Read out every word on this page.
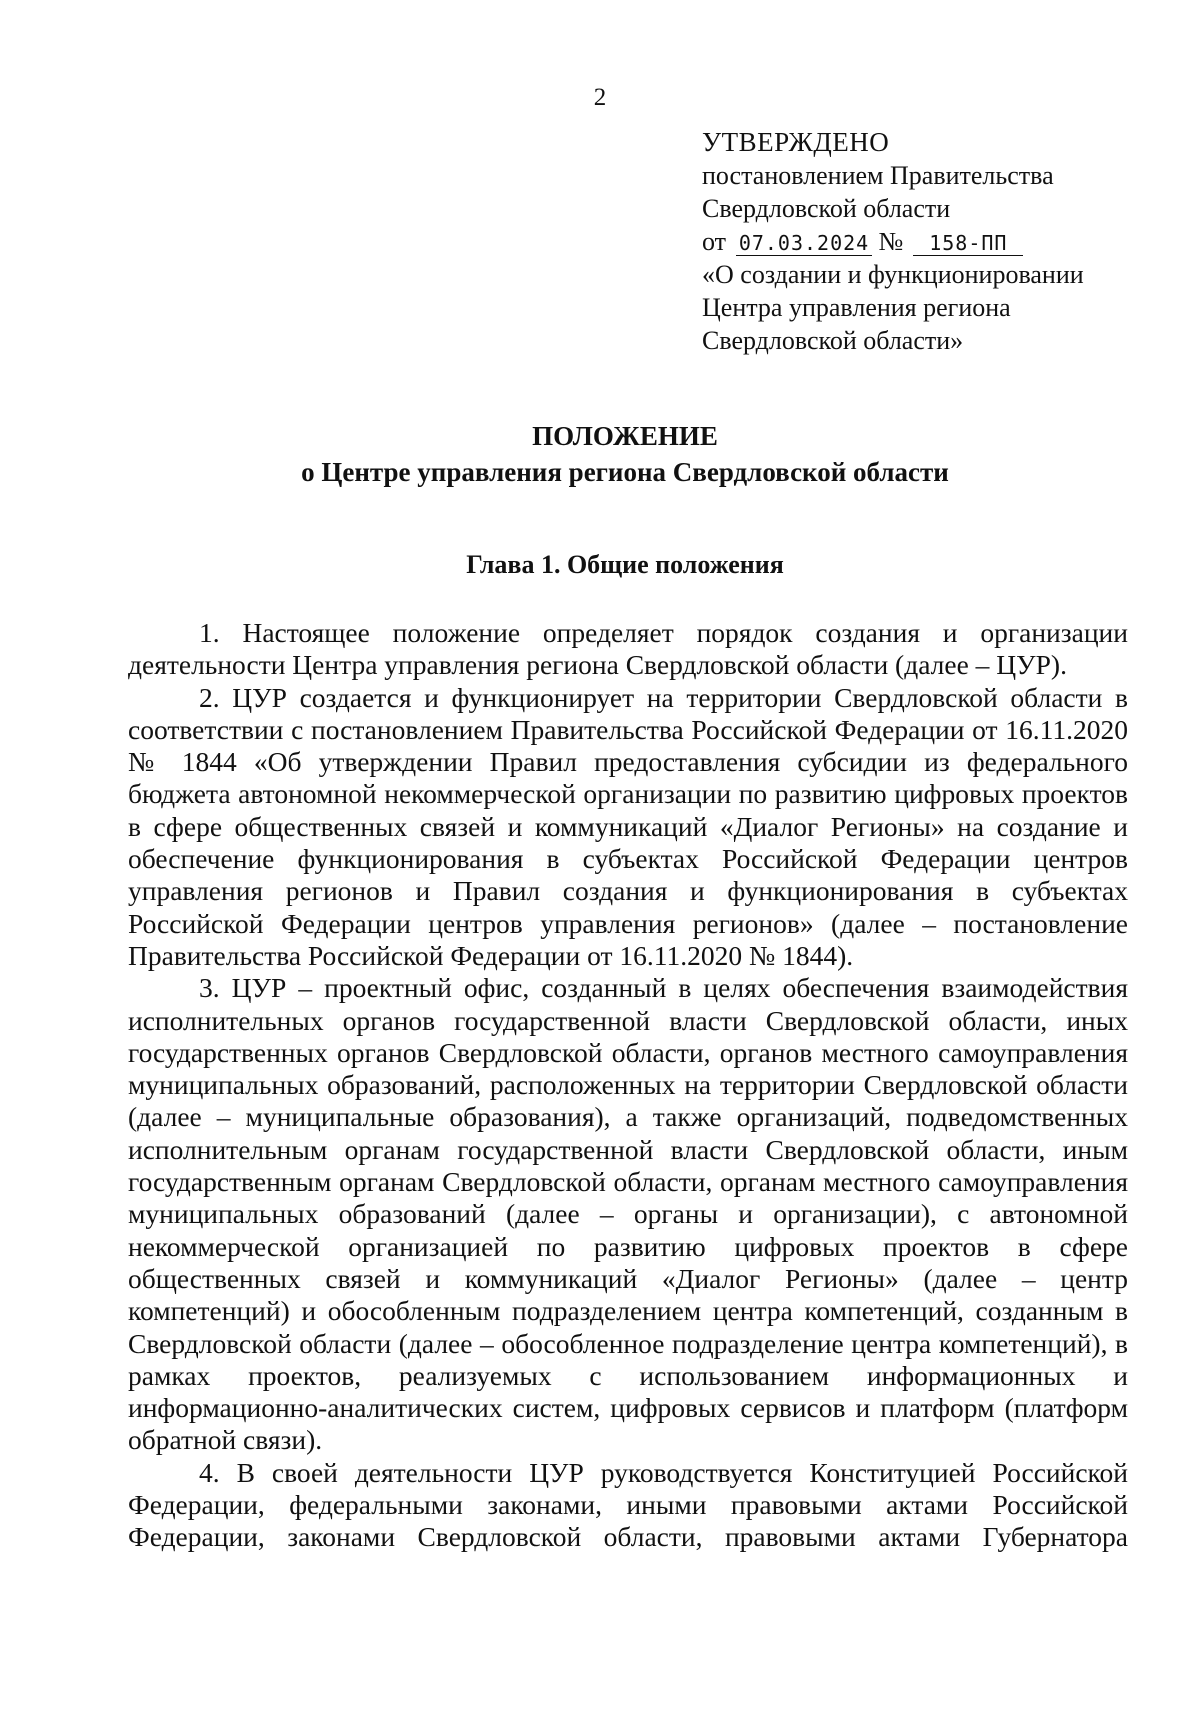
2
УТВЕРЖДЕНО
постановлением Правительства
Свердловской области
от 07.03.2024 № 158-ПП
«О создании и функционировании
Центра управления региона
Свердловской области»
ПОЛОЖЕНИЕ
о Центре управления региона Свердловской области
Глава 1. Общие положения

1. Настоящее положение определяет порядок создания и организации деятельности Центра управления региона Свердловской области (далее – ЦУР).

2. ЦУР создается и функционирует на территории Свердловской области в соответствии с постановлением Правительства Российской Федерации от 16.11.2020 № 1844 «Об утверждении Правил предоставления субсидии из федерального бюджета автономной некоммерческой организации по развитию цифровых проектов в сфере общественных связей и коммуникаций «Диалог Регионы» на создание и обеспечение функционирования в субъектах Российской Федерации центров управления регионов и Правил создания и функционирования в субъектах Российской Федерации центров управления регионов» (далее – постановление Правительства Российской Федерации от 16.11.2020 № 1844).

3. ЦУР – проектный офис, созданный в целях обеспечения взаимодействия исполнительных органов государственной власти Свердловской области, иных государственных органов Свердловской области, органов местного самоуправления муниципальных образований, расположенных на территории Свердловской области (далее – муниципальные образования), а также организаций, подведомственных исполнительным органам государственной власти Свердловской области, иным государственным органам Свердловской области, органам местного самоуправления муниципальных образований (далее – органы и организации), с автономной некоммерческой организацией по развитию цифровых проектов в сфере общественных связей и коммуникаций «Диалог Регионы» (далее – центр компетенций) и обособленным подразделением центра компетенций, созданным в Свердловской области (далее – обособленное подразделение центра компетенций), в рамках проектов, реализуемых с использованием информационных и информационно-аналитических систем, цифровых сервисов и платформ (платформ обратной связи).

4. В своей деятельности ЦУР руководствуется Конституцией Российской Федерации, федеральными законами, иными правовыми актами Российской Федерации, законами Свердловской области, правовыми актами Губернатора
